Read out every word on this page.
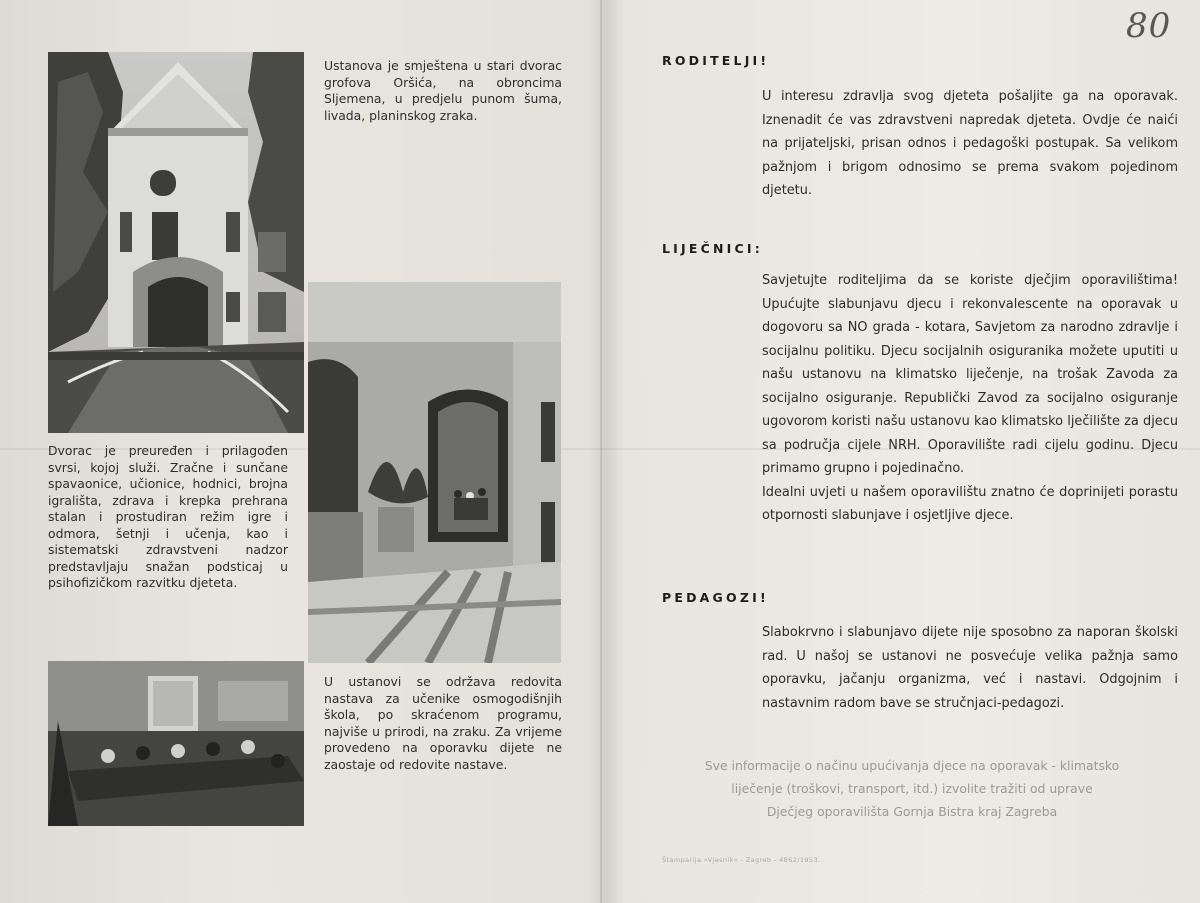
80

Ustanova je smještena u stari dvorac grofova Oršića, na obroncima Sljemena, u predjelu punom šuma, livada, planinskog zraka.

Dvorac je preuređen i prilagođen svrsi, kojoj služi. Zračne i sunčane spavaonice, učionice, hodnici, brojna igrališta, zdrava i krepka prehrana stalan i prostudiran režim igre i odmora, šetnji i učenja, kao i sistematski zdravstveni nadzor predstavljaju snažan podsticaj u psihofizičkom razvitku djeteta.

U ustanovi se održava redovita nastava za učenike osmogodišnjih škola, po skraćenom programu, najviše u prirodi, na zraku. Za vrijeme provedeno na oporavku dijete ne zaostaje od redovite nastave.

RODITELJI!

U interesu zdravlja svog djeteta pošaljite ga na oporavak. Iznenadit će vas zdravstveni napredak djeteta. Ovdje će naići na prijateljski, prisan odnos i pedagoški postupak. Sa velikom pažnjom i brigom odnosimo se prema svakom pojedinom djetetu.

LIJEČNICI:

Savjetujte roditeljima da se koriste dječjim oporavilištima! Upućujte slabunjavu djecu i rekonvalescente na oporavak u dogovoru sa NO grada - kotara, Savjetom za narodno zdravlje i socijalnu politiku. Djecu socijalnih osiguranika možete uputiti u našu ustanovu na klimatsko liječenje, na trošak Zavoda za socijalno osiguranje. Republički Zavod za socijalno osiguranje ugovorom koristi našu ustanovu kao klimatsko lječilište za djecu sa područja cijele NRH. Oporavilište radi cijelu godinu. Djecu primamo grupno i pojedinačno.

Idealni uvjeti u našem oporavilištu znatno će doprinijeti porastu otpornosti slabunjave i osjetljive djece.

PEDAGOZI!

Slabokrvno i slabunjavo dijete nije sposobno za naporan školski rad. U našoj se ustanovi ne posvećuje velika pažnja samo oporavku, jačanju organizma, već i nastavi. Odgojnim i nastavnim radom bave se stručnjaci-pedagozi.

Sve informacije o načinu upućivanja djece na oporavak - klimatsko

liječenje (troškovi, transport, itd.) izvolite tražiti od uprave

Dječjeg oporavilišta Gornja Bistra kraj Zagreba

Štamparija »Vjesnik« - Zagreb - 4862/1953.
